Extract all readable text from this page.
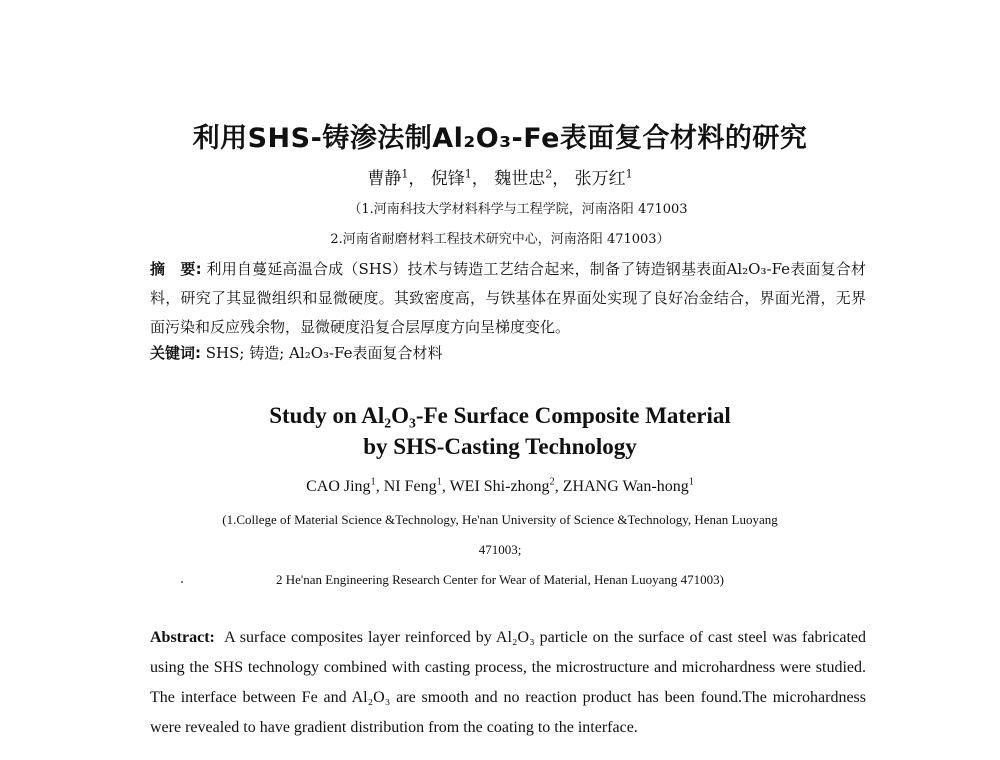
利用SHS-铸渗法制Al₂O₃-Fe表面复合材料的研究
曹静$^1$， 倪锋$^1$， 魏世忠$^2$， 张万红$^1$
（1.河南科技大学材料科学与工程学院，河南洛阳 471003
2.河南省耐磨材料工程技术研究中心，河南洛阳 471003）
摘　要: 利用自蔓延高温合成（SHS）技术与铸造工艺结合起来，制备了铸造钢基表面Al₂O₃-Fe表面复合材料，研究了其显微组织和显微硬度。其致密度高，与铁基体在界面处实现了良好冶金结合，界面光滑，无界面污染和反应残余物，显微硬度沿复合层厚度方向呈梯度变化。
关键词: SHS; 铸造; Al₂O₃-Fe表面复合材料
Study on Al₂O₃-Fe Surface Composite Material
by SHS-Casting Technology
CAO Jing$^1$, NI Feng$^1$, WEI Shi-zhong$^2$, ZHANG Wan-hong$^1$
(1.College of Material Science &Technology, He'nan University of Science &Technology, Henan Luoyang
471003;
2 He'nan Engineering Research Center for Wear of Material, Henan Luoyang 471003)
Abstract: A surface composites layer reinforced by Al₂O₃ particle on the surface of cast steel was fabricated using the SHS technology combined with casting process, the microstructure and microhardness were studied. The interface between Fe and Al₂O₃ are smooth and no reaction product has been found.The microhardness were revealed to have gradient distribution from the coating to the interface.
